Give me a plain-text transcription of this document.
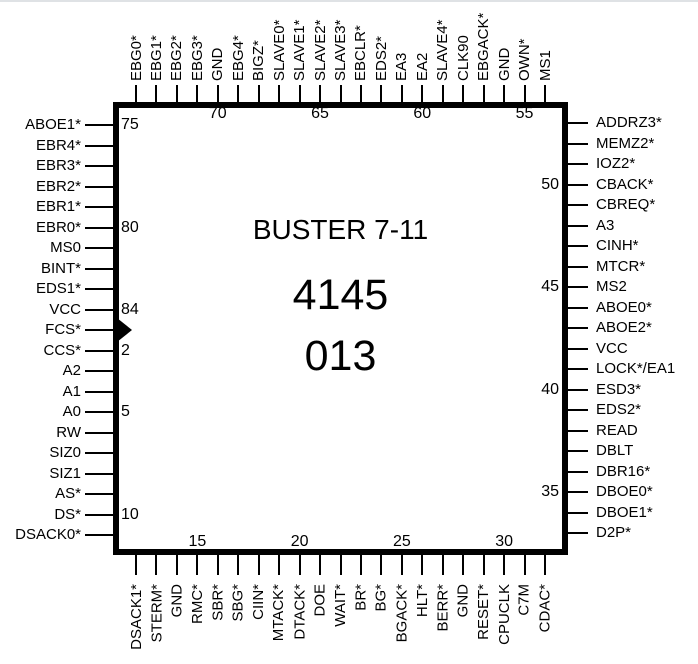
BUSTER 7-11
4145
013
EBG0* EBG1* EBG2* EBG3* GND EBG4* BIGZ* SLAVE0* SLAVE1* SLAVE2* SLAVE3* EBCLR* EDS2* EA3 EA2 SLAVE4* CLK90 EBGACK* GND OWN* MS1
DSACK1* STERM* GND RMC* SBR* SBG* CIIN* MTACK* DTACK* DOE WAIT* BR* BG* BGACK* HLT* BERR* GND RESET* CPUCLK C7M CDAC*
ABOE1*
EBR4*
EBR3*
EBR2*
EBR1*
EBR0*
MS0
BINT*
EDS1*
VCC
FCS*
CCS*
A2
A1
A0
RW
SIZ0
SIZ1
AS*
DS*
DSACK0*
ADDRZ3*
MEMZ2*
IOZ2*
CBACK*
CBREQ*
A3
CINH*
MTCR*
MS2
ABOE0*
ABOE2*
VCC
LOCK*/EA1
ESD3*
EDS2*
READ
DBLT
DBR16*
DBOE0*
DBOE1*
D2P*
70	65	60	55
15	20	25	30
75
80
84
2
5
10
50
45
40
35
